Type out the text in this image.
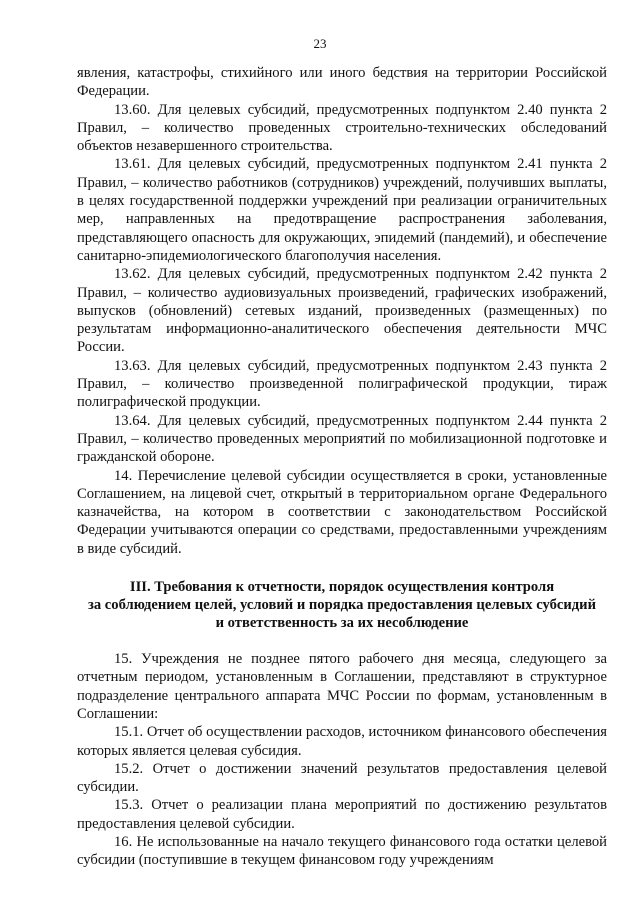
23

явления, катастрофы, стихийного или иного бедствия на территории Российской Федерации.

13.60. Для целевых субсидий, предусмотренных подпунктом 2.40 пункта 2 Правил, – количество проведенных строительно-технических обследований объектов незавершенного строительства.

13.61. Для целевых субсидий, предусмотренных подпунктом 2.41 пункта 2 Правил, – количество работников (сотрудников) учреждений, получивших выплаты, в целях государственной поддержки учреждений при реализации ограничительных мер, направленных на предотвращение распространения заболевания, представляющего опасность для окружающих, эпидемий (пандемий), и обеспечение санитарно-эпидемиологического благополучия населения.

13.62. Для целевых субсидий, предусмотренных подпунктом 2.42 пункта 2 Правил, – количество аудиовизуальных произведений, графических изображений, выпусков (обновлений) сетевых изданий, произведенных (размещенных) по результатам информационно-аналитического обеспечения деятельности МЧС России.

13.63. Для целевых субсидий, предусмотренных подпунктом 2.43 пункта 2 Правил, – количество произведенной полиграфической продукции, тираж полиграфической продукции.

13.64. Для целевых субсидий, предусмотренных подпунктом 2.44 пункта 2 Правил, – количество проведенных мероприятий по мобилизационной подготовке и гражданской обороне.

14. Перечисление целевой субсидии осуществляется в сроки, установленные Соглашением, на лицевой счет, открытый в территориальном органе Федерального казначейства, на котором в соответствии с законодательством Российской Федерации учитываются операции со средствами, предоставленными учреждениям в виде субсидий.

III. Требования к отчетности, порядок осуществления контроля
за соблюдением целей, условий и порядка предоставления целевых субсидий
и ответственность за их несоблюдение

15. Учреждения не позднее пятого рабочего дня месяца, следующего за отчетным периодом, установленным в Соглашении, представляют в структурное подразделение центрального аппарата МЧС России по формам, установленным в Соглашении:

15.1. Отчет об осуществлении расходов, источником финансового обеспечения которых является целевая субсидия.

15.2. Отчет о достижении значений результатов предоставления целевой субсидии.

15.3. Отчет о реализации плана мероприятий по достижению результатов предоставления целевой субсидии.

16. Не использованные на начало текущего финансового года остатки целевой субсидии (поступившие в текущем финансовом году учреждениям
